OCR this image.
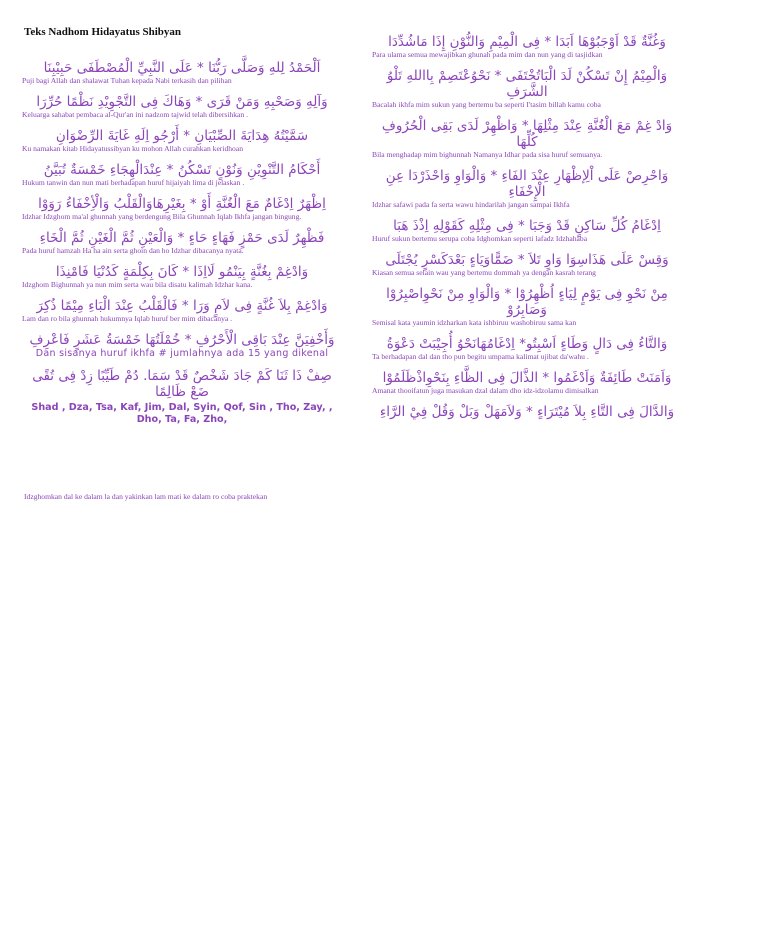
Teks Nadhom Hidayatus Shibyan
اَلْحَمْدُ لِلهِ وَصَلَّى رَبُّنَا * عَلَى النَّبِيِّ الْمُصْطَفَى حَبِيْبِنَا
Puji bagi Allah dan shalawat Tuhan kepada Nabi terkasih dan pilihan
وَآلِهِ وَصَحْبِهِ وَمَنْ قَرَى * وَهَاكَ فِى التَّجْوِيْدِ نَظْمًا حُرِّرَا
Keluarga sahabat pembaca al-Qur'an ini nadzom tajwid telah dibersihkan .
سَمَّيْتُهُ هِدَايَةَ الصِّبْيَانِ * أَرْجُو اِلَهِ غَايَةَ الرِّضْوَانِ
Ku namakan kitab Hidayatussibyan ku mohon Allah curahkan keridhoan
أَحْكَامُ التَّنْوِيْنِ وَنُوْنٍ تَسْكُنُ * عِنْدَالْهِجَاءِ خَمْسَةٌ تُبَيَّنُ
Hukum tanwin dan nun mati berhadapan huruf hijaiyah lima di jelaskan .
اِظْهَرٌ اِدْغَامٌ مَعَ الْغُنَّةِ أَوْ * بِغَيْرِهَاوَالْقَلْبُ وَالْأِخْفَاءُ رَوَوْا
Idzhar Idzghom ma'al ghunnah yang berdengung Bila Ghunnah Iqlab Ikhfa jangan bingung.
فَظْهِرٌ لَدَى حَمْزٍ فَهَاءٍ حَاءٍ * وَالْعَيْنِ ثُمَّ الْغَيْنِ ثُمَّ الْخَاءِ
Pada huruf hamzah Ha ha ain serta ghoin dan ho Idzhar dibacanya nyata.
وَادْغِمْ بِغُنَّةٍ بِيَنْمُو لَااِذَا * كَانَ بِكِلْمَةٍ كَدُنْيَا فَامْنِذَا
Idzghom Bighunnah ya nun mim serta wau bila disatu kalimah Idzhar kana.
وَادْغِمْ بِلاَ غُنَّةٍ فِى لاَمٍ وَرَا * فَالْقَلْبُ عِنْدَ الْبَاءِ مِيْمًا ذُكِرَ
Lam dan ro bila ghunnah hukumnya Iqlab huruf ber mim dibacanya .
وَأَخْفِيَنَّ عِنْدَ بَاقِى الْأَحْرُفِ * خُمْلَتُهَا خَمْسَةُ عَشَرٍ فَاعْرِفِ
Dan sisanya huruf ikhfa # jumlahnya ada 15 yang dikenal
صِفْ ذَا ثَنَا كَمْ جَادَ شَخْصٌ قَدْ سَمَا. دُمْ طَيِّبًا زِدْ فِى تُقًى ضَعْ ظَالِمًا
Shad , Dza, Tsa, Kaf, Jim, Dal, Syin, Qof, Sin , Tho, Zay, , Dho, Ta, Fa, Zho,
وَغُنَّةٌ قَدْ اَوْجَبُوْهَا اَبَدَا * فِى الْمِيْمِ وَالنُّوْنِ إِذَا مَاشُدِّدَا
Para ulama semua mewajibkan ghunah pada mim dan nun yang di tasjidkan
وَالْمِيْمُ إِنْ تَسْكُنْ لَدَ الْبَاتُخْتَفَى * نَحْوُعْتَصِمْ بِااللهِ تَلْوُ الشَّرَفِ
Bacalah ikhfa mim sukun yang bertemu ba seperti I'tasim billah kamu coba
وَادْ غِمْ مَعَ الْغُنَّةِ عِنْدَ مِثْلِهَا * وَاظْهِرْ لَدَى بَقِى الْحُرُوفِ كُلِّهَا
Bila menghadap mim bighunnah Namanya Idhar pada sisa huruf semuanya.
وَاحْرِصْ عَلَى اْلِإظْهَارِ عِنْدَ الفَاءِ * وَالْوَاوِ وَاحْذَرْدَا عِنِ الْإِخْفَاءِ
Idzhar safawi pada fa serta wawu hindarilah jangan sampai Ikhfa
اِدْغَامُ كُلِّ سَاكِنٍ قَدْ وَجَبَا * فِى مِثْلِهِ كَقَوْلِهِ اِذْذَ هَبَا
Huruf sukun bertemu serupa coba Idghomkan seperti lafadz Idzhahaba
وَقِسْ عَلَى هَذَاسِوَا وَاوٍ تَلاَ * ضَمًّاوَيَاءٍ بَعْدَكَسْرٍ يُجْتَلَى
Kiasan semua selain wau yang bertemu dommah ya dengan kasrah terang
مِنْ نَحْوِ فِى يَوْمٍ لِيَاءٍ اُظْهِرُوْا * وَالْوَاوِ مِنْ نَحْوِاصْبِرُوْا وَصَابِرُوْ
Semisal kata yaumin idzharkan kata ishbiruu washobiruu sama kan
وَالتَّاءُ فِى دَالٍ وَطَاءٍ اَسْبِتُو* اِدْغَامُهَانَحْوُ أُجِيْبَتْ دَعْوَةُ
Ta berhadapan dal dan tho pun begitu umpama kalimat ujibat da'wahu .
وَاَمَنَتْ طَائِفَةٌ وَاَدْغَمُوا * الذَّالَ فِى الظَّاءِ بِنَحْوِاذْظَلَمُوْا
Amanat thooifatun juga masukan dzal dalam dho idz-idzolamu dimisalkan
وَالدَّالَ فِى التَّاءِ بِلاَ مُيْتَرَاءٍ * وَلاَمَهَلْ وَبَلْ وَقُلْ فِيْ الرَّاءِ
Idzghomkan dal ke dalam la dan yakinkan lam mati ke dalam ro coba praktekan
